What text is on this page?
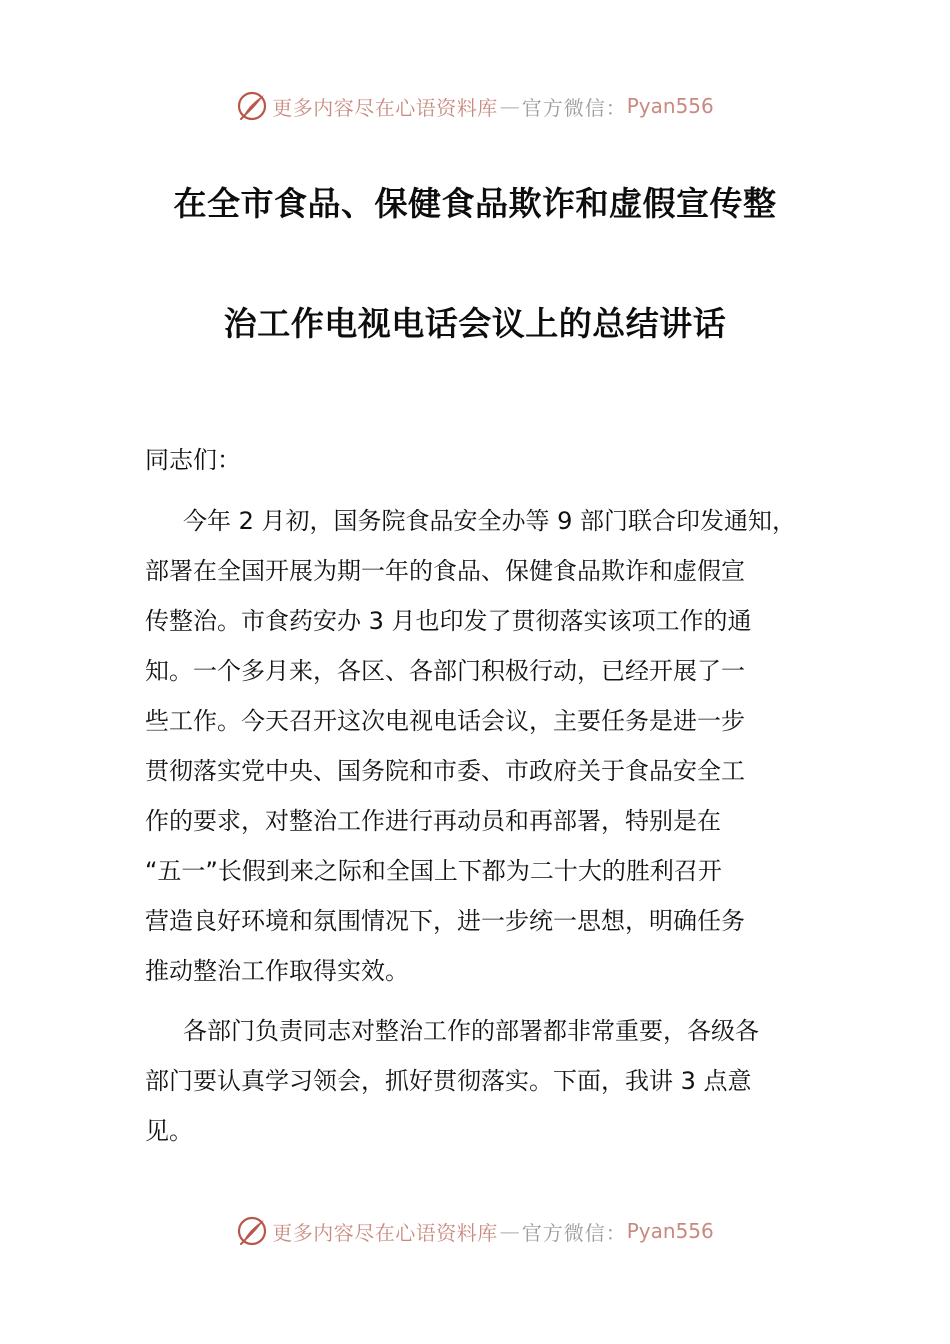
更多内容尽在心语资料库 — 官方微信： Pyan556
在全市食品、保健食品欺诈和虚假宣传整
治工作电视电话会议上的总结讲话
同志们：
今年 2 月初，国务院食品安全办等 9 部门联合印发通知，
部署在全国开展为期一年的食品、保健食品欺诈和虚假宣
传整治。市食药安办 3 月也印发了贯彻落实该项工作的通
知。一个多月来，各区、各部门积极行动，已经开展了一
些工作。今天召开这次电视电话会议，主要任务是进一步
贯彻落实党中央、国务院和市委、市政府关于食品安全工
作的要求，对整治工作进行再动员和再部署，特别是在
“五一”长假到来之际和全国上下都为二十大的胜利召开
营造良好环境和氛围情况下，进一步统一思想，明确任务
推动整治工作取得实效。
各部门负责同志对整治工作的部署都非常重要，各级各
部门要认真学习领会，抓好贯彻落实。下面，我讲 3 点意
见。
更多内容尽在心语资料库 — 官方微信： Pyan556
